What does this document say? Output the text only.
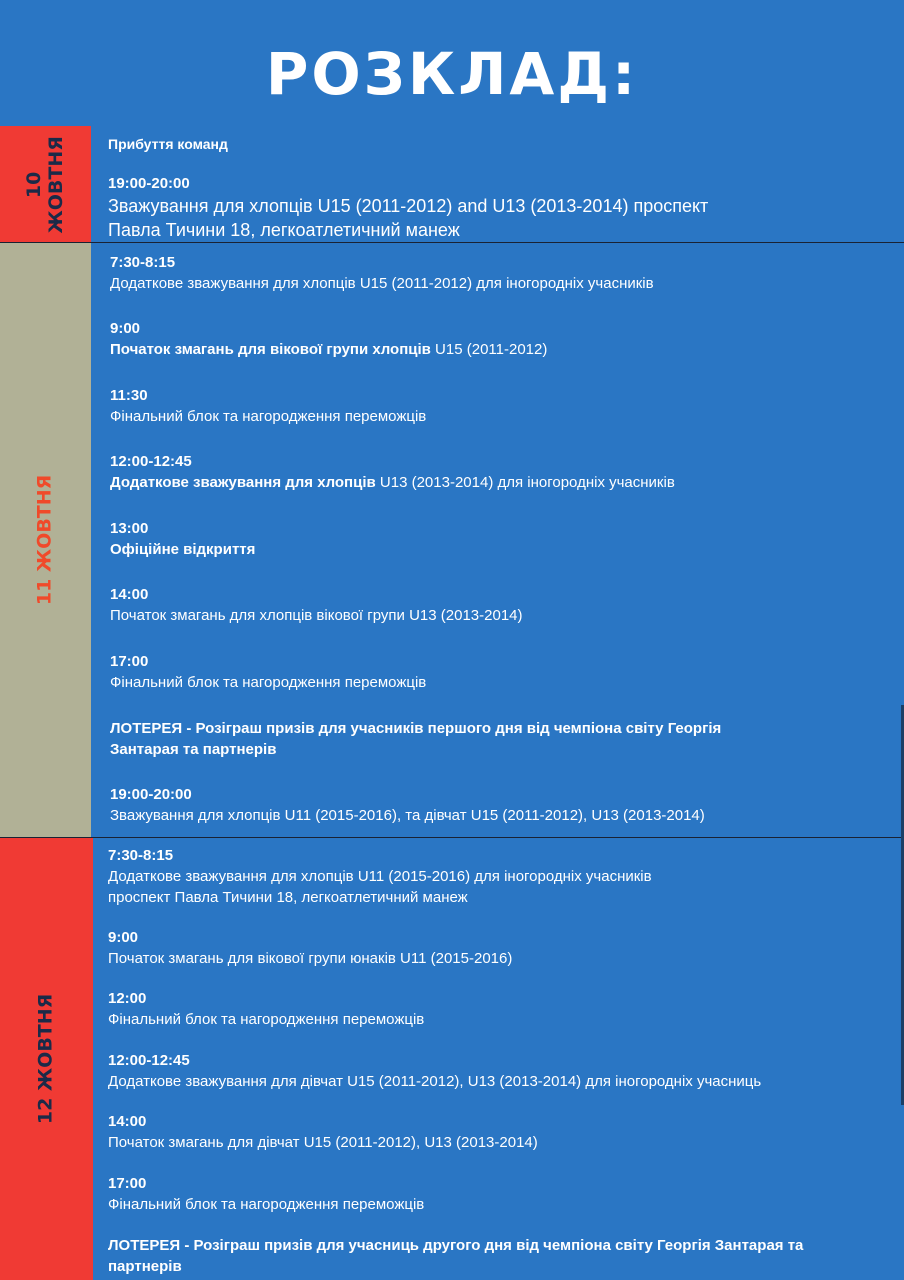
РОЗКЛАД:
10 ЖОВТНЯ	Прибуття команд
19:00-20:00
Зважування для хлопців U15 (2011-2012) and U13 (2013-2014) проспект
Павла Тичини 18, легкоатлетичний манеж
11 ЖОВТНЯ
7:30-8:15
Додаткове зважування для хлопців U15 (2011-2012) для іногородніх учасників
9:00
Початок змагань для вікової групи хлопців U15 (2011-2012)
11:30
Фінальний блок та нагородження переможців
12:00-12:45
Додаткове зважування для хлопців U13 (2013-2014) для іногородніх учасників
13:00
Офіційне відкриття
14:00
Початок змагань для хлопців вікової групи U13 (2013-2014)
17:00
Фінальний блок та нагородження переможців
ЛОТЕРЕЯ - Розіграш призів для учасників першого дня від чемпіона світу Георгія
Зантарая та партнерів
19:00-20:00
Зважування для хлопців U11 (2015-2016), та дівчат U15 (2011-2012), U13 (2013-2014)
12 ЖОВТНЯ
7:30-8:15
Додаткове зважування для хлопців U11 (2015-2016) для іногородніх учасників
проспект Павла Тичини 18, легкоатлетичний манеж
9:00
Початок змагань для вікової групи юнаків U11 (2015-2016)
12:00
Фінальний блок та нагородження переможців
12:00-12:45
Додаткове зважування для дівчат U15 (2011-2012), U13 (2013-2014) для іногородніх учасниць
14:00
Початок змагань для дівчат U15 (2011-2012), U13 (2013-2014)
17:00
Фінальний блок та нагородження переможців
ЛОТЕРЕЯ - Розіграш призів для учасниць другого дня від чемпіона світу Георгія Зантарая та
партнерів
